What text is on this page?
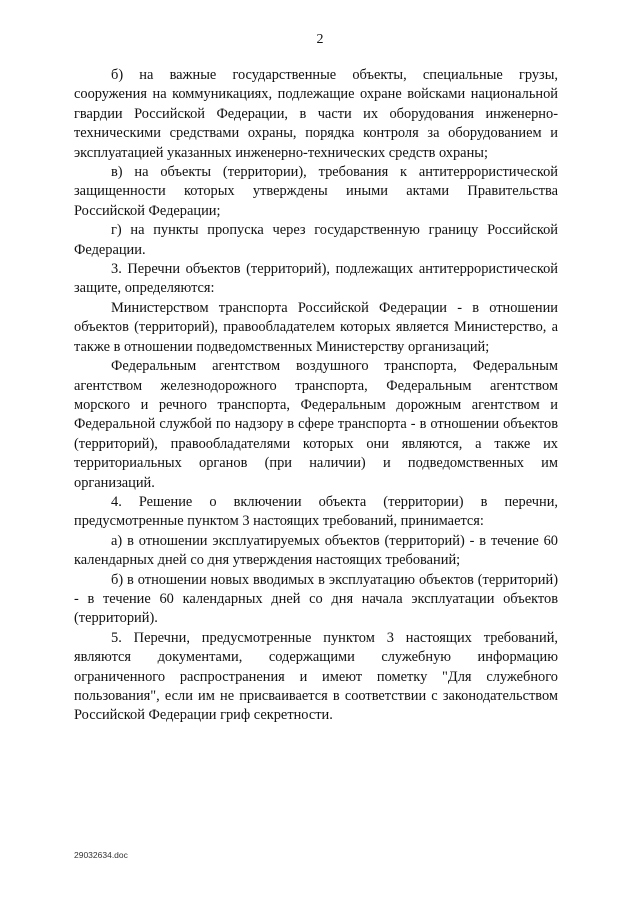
2

б) на важные государственные объекты, специальные грузы, сооружения на коммуникациях, подлежащие охране войсками национальной гвардии Российской Федерации, в части их оборудования инженерно-техническими средствами охраны, порядка контроля за оборудованием и эксплуатацией указанных инженерно-технических средств охраны;

в) на объекты (территории), требования к антитеррористической защищенности которых утверждены иными актами Правительства Российской Федерации;

г) на пункты пропуска через государственную границу Российской Федерации.

3. Перечни объектов (территорий), подлежащих антитеррористической защите, определяются:

Министерством транспорта Российской Федерации - в отношении объектов (территорий), правообладателем которых является Министерство, а также в отношении подведомственных Министерству организаций;

Федеральным агентством воздушного транспорта, Федеральным агентством железнодорожного транспорта, Федеральным агентством морского и речного транспорта, Федеральным дорожным агентством и Федеральной службой по надзору в сфере транспорта - в отношении объектов (территорий), правообладателями которых они являются, а также их территориальных органов (при наличии) и подведомственных им организаций.

4. Решение о включении объекта (территории) в перечни, предусмотренные пунктом 3 настоящих требований, принимается:

а) в отношении эксплуатируемых объектов (территорий) - в течение 60 календарных дней со дня утверждения настоящих требований;

б) в отношении новых вводимых в эксплуатацию объектов (территорий) - в течение 60 календарных дней со дня начала эксплуатации объектов (территорий).

5. Перечни, предусмотренные пунктом 3 настоящих требований, являются документами, содержащими служебную информацию ограниченного распространения и имеют пометку "Для служебного пользования", если им не присваивается в соответствии с законодательством Российской Федерации гриф секретности.

29032634.doc
